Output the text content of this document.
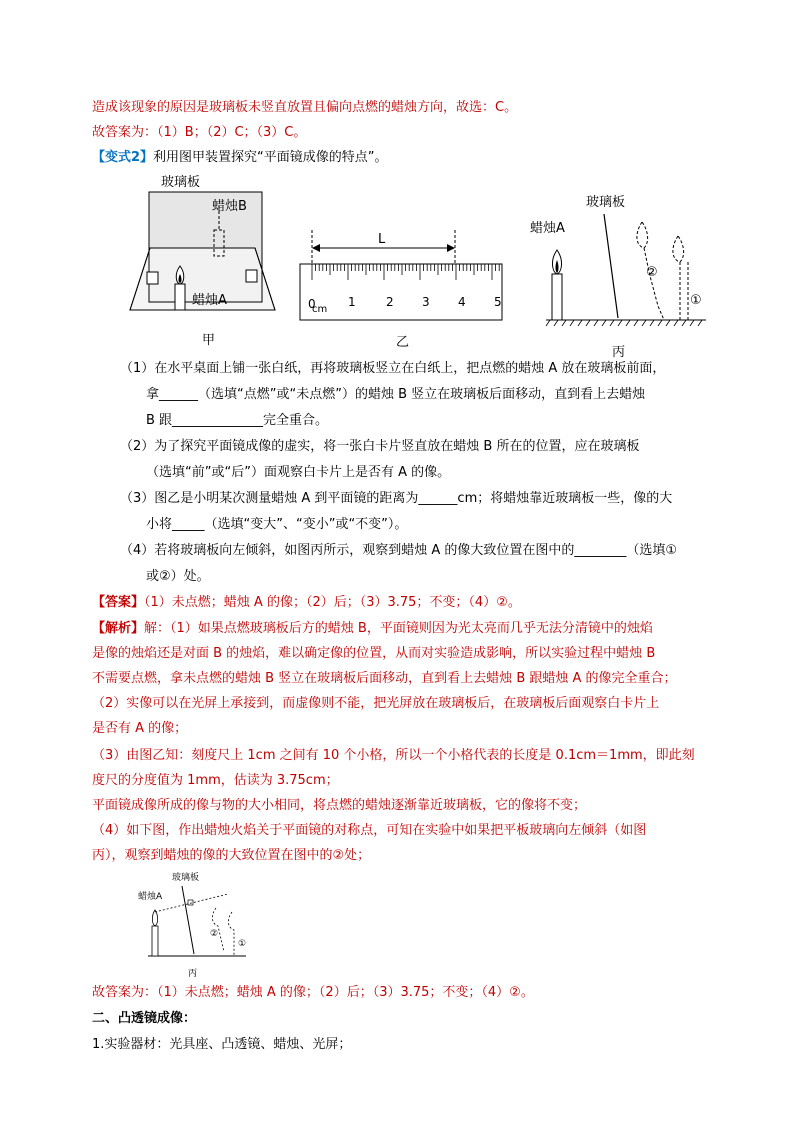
造成该现象的原因是玻璃板未竖直放置且偏向点燃的蜡烛方向，故选：C。
故答案为：（1）B；（2）C；（3）C。
【变式2】利用图甲装置探究“平面镜成像的特点”。
玻璃板
蜡烛B
蜡烛A
甲
L
0
cm
1	2 3 4 5
乙
玻璃板
蜡烛A
②
①
丙
（1）在水平桌面上铺一张白纸，再将玻璃板竖立在白纸上，把点燃的蜡烛 A 放在玻璃板前面，
拿______（选填“点燃”或“未点燃”）的蜡烛 B 竖立在玻璃板后面移动，直到看上去蜡烛
B 跟______________完全重合。
（2）为了探究平面镜成像的虚实，将一张白卡片竖直放在蜡烛 B 所在的位置，应在玻璃板
（选填“前”或“后”）面观察白卡片上是否有 A 的像。
（3）图乙是小明某次测量蜡烛 A 到平面镜的距离为______cm；将蜡烛靠近玻璃板一些，像的大
小将_____（选填“变大”、“变小”或“不变”）。
（4）若将玻璃板向左倾斜，如图丙所示，观察到蜡烛 A 的像大致位置在图中的________（选填①
或②）处。
【答案】（1）未点燃；蜡烛 A 的像；（2）后；（3）3.75；不变；（4）②。
【解析】解：（1）如果点燃玻璃板后方的蜡烛 B，平面镜则因为光太亮而几乎无法分清镜中的烛焰
是像的烛焰还是对面 B 的烛焰，难以确定像的位置，从而对实验造成影响，所以实验过程中蜡烛 B
不需要点燃，拿未点燃的蜡烛 B 竖立在玻璃板后面移动，直到看上去蜡烛 B 跟蜡烛 A 的像完全重合；
（2）实像可以在光屏上承接到，而虚像则不能，把光屏放在玻璃板后，在玻璃板后面观察白卡片上
是否有 A 的像；
（3）由图乙知：刻度尺上 1cm 之间有 10 个小格，所以一个小格代表的长度是 0.1cm＝1mm，即此刻
度尺的分度值为 1mm，估读为 3.75cm；
平面镜成像所成的像与物的大小相同，将点燃的蜡烛逐渐靠近玻璃板，它的像将不变；
（4）如下图，作出蜡烛火焰关于平面镜的对称点，可知在实验中如果把平板玻璃向左倾斜（如图
丙），观察到蜡烛的像的大致位置在图中的②处；
玻璃板
蜡烛A
②
①
丙
故答案为：（1）未点燃；蜡烛 A 的像；（2）后；（3）3.75；不变；（4）②。
二、凸透镜成像：
1.实验器材：光具座、凸透镜、蜡烛、光屏；
